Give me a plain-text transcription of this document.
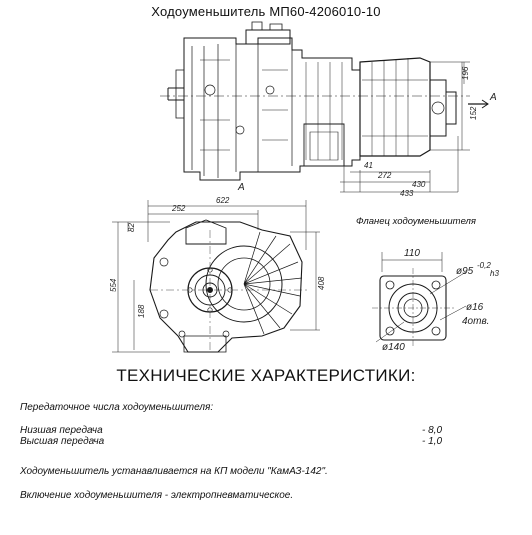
Ходоуменьшитель МП60-4206010-10
196
152
272
430
433
41
А
А
622
252
82
554	408
188
110
ø95
-0,2
h3
ø16
4отв.
ø140
Фланец ходоуменьшителя
ТЕХНИЧЕСКИЕ ХАРАКТЕРИСТИКИ:
Передаточное числа ходоуменьшителя:
Низшая передача	- 8,0
Высшая передача	- 1,0
Ходоуменьшитель устанавливается на КП модели "КамАЗ-142".
Включение ходоуменьшителя - электропневматическое.
